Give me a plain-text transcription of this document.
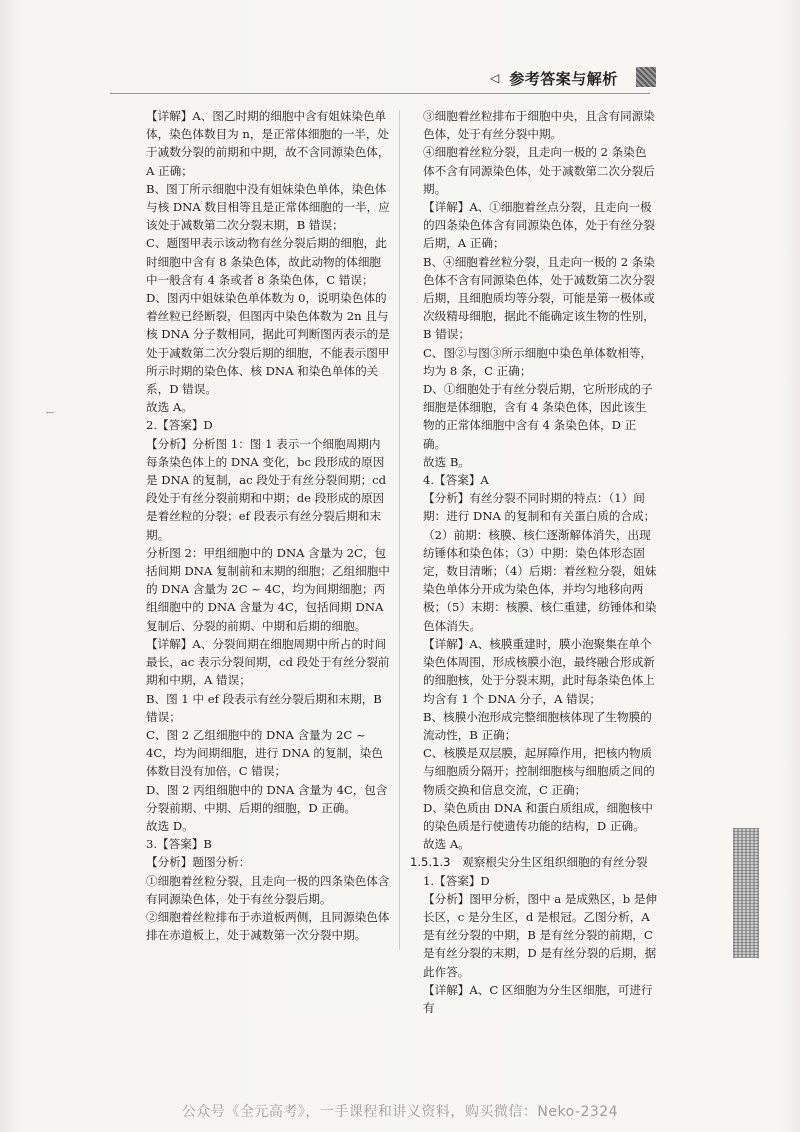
◁ 参考答案与解析

【详解】A、图乙时期的细胞中含有姐妹染色单体，染色体数目为 n，是正常体细胞的一半，处于减数分裂的前期和中期，故不含同源染色体，A 正确；

B、图丁所示细胞中没有姐妹染色单体，染色体与核 DNA 数目相等且是正常体细胞的一半，应该处于减数第二次分裂末期，B 错误；

C、题图甲表示该动物有丝分裂后期的细胞，此时细胞中含有 8 条染色体，故此动物的体细胞中一般含有 4 条或者 8 条染色体，C 错误；

D、图丙中姐妹染色单体数为 0，说明染色体的着丝粒已经断裂，但图丙中染色体数为 2n 且与核 DNA 分子数相同，据此可判断图丙表示的是处于减数第二次分裂后期的细胞，不能表示图甲所示时期的染色体、核 DNA 和染色单体的关系，D 错误。

故选 A。

2.【答案】D

【分析】分析图 1：图 1 表示一个细胞周期内每条染色体上的 DNA 变化，bc 段形成的原因是 DNA 的复制，ac 段处于有丝分裂间期；cd 段处于有丝分裂前期和中期；de 段形成的原因是着丝粒的分裂；ef 段表示有丝分裂后期和末期。

分析图 2：甲组细胞中的 DNA 含量为 2C，包括间期 DNA 复制前和末期的细胞；乙组细胞中的 DNA 含量为 2C ~ 4C，均为间期细胞；丙组细胞中的 DNA 含量为 4C，包括间期 DNA 复制后、分裂的前期、中期和后期的细胞。

【详解】A、分裂间期在细胞周期中所占的时间最长，ac 表示分裂间期，cd 段处于有丝分裂前期和中期，A 错误；

B、图 1 中 ef 段表示有丝分裂后期和末期，B 错误；

C、图 2 乙组细胞中的 DNA 含量为 2C ~ 4C，均为间期细胞，进行 DNA 的复制，染色体数目没有加倍，C 错误；

D、图 2 丙组细胞中的 DNA 含量为 4C，包含分裂前期、中期、后期的细胞，D 正确。

故选 D。

3.【答案】B

【分析】题图分析：

①细胞着丝粒分裂，且走向一极的四条染色体含有同源染色体，处于有丝分裂后期。

②细胞着丝粒排布于赤道板两侧，且同源染色体排在赤道板上，处于减数第一次分裂中期。

③细胞着丝粒排布于细胞中央，且含有同源染色体，处于有丝分裂中期。

④细胞着丝粒分裂，且走向一极的 2 条染色体不含有同源染色体，处于减数第二次分裂后期。

【详解】A、①细胞着丝点分裂，且走向一极的四条染色体含有同源染色体，处于有丝分裂后期，A 正确；

B、④细胞着丝粒分裂，且走向一极的 2 条染色体不含有同源染色体，处于减数第二次分裂后期，且细胞质均等分裂，可能是第一极体或次级精母细胞，据此不能确定该生物的性别，B 错误；

C、图②与图③所示细胞中染色单体数相等，均为 8 条，C 正确；

D、①细胞处于有丝分裂后期，它所形成的子细胞是体细胞，含有 4 条染色体，因此该生物的正常体细胞中含有 4 条染色体，D 正确。

故选 B。

4.【答案】A

【分析】有丝分裂不同时期的特点：（1）间期：进行 DNA 的复制和有关蛋白质的合成；（2）前期：核膜、核仁逐渐解体消失，出现纺锤体和染色体；（3）中期：染色体形态固定，数目清晰；（4）后期：着丝粒分裂，姐妹染色单体分开成为染色体，并均匀地移向两极；（5）末期：核膜、核仁重建，纺锤体和染色体消失。

【详解】A、核膜重建时，膜小泡聚集在单个染色体周围，形成核膜小泡，最终融合形成新的细胞核，处于分裂末期，此时每条染色体上均含有 1 个 DNA 分子，A 错误；

B、核膜小泡形成完整细胞核体现了生物膜的流动性，B 正确；

C、核膜是双层膜，起屏障作用，把核内物质与细胞质分隔开；控制细胞核与细胞质之间的物质交换和信息交流，C 正确；

D、染色质由 DNA 和蛋白质组成，细胞核中的染色质是行使遗传功能的结构，D 正确。

故选 A。

1.5.1.3　观察根尖分生区组织细胞的有丝分裂

1.【答案】D

【分析】图甲分析，图中 a 是成熟区，b 是伸长区，c 是分生区，d 是根冠。乙图分析，A 是有丝分裂的中期，B 是有丝分裂的前期，C 是有丝分裂的末期，D 是有丝分裂的后期，据此作答。

【详解】A、C 区细胞为分生区细胞，可进行有

公众号《全元高考》，一手课程和讲义资料，购买微信：Neko-2324
